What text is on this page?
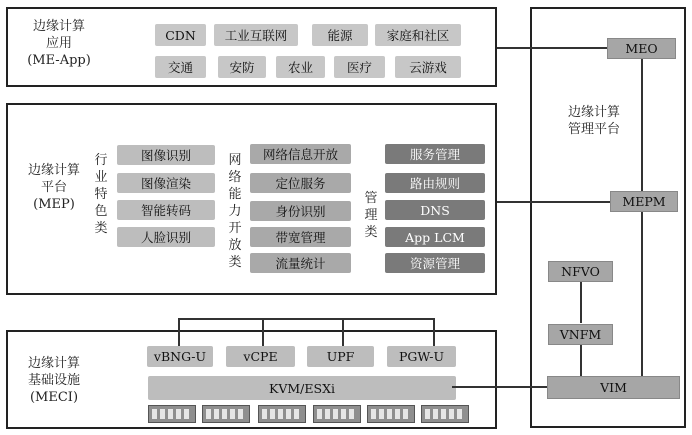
边缘计算
应用
(ME-App)
CDN	工业互联网	能源	家庭和社区
交通	安防	农业	医疗	云游戏
边缘计算
平台
(MEP)
行业特色类
图像识别
图像渲染
智能转码
人脸识别
网络能力开放类
网络信息开放
定位服务
身份识别
带宽管理
流量统计
管理类
服务管理
路由规则
DNS
App LCM
资源管理
边缘计算
基础设施
(MECI)
vBNG-U	vCPE	UPF	PGW-U
KVM/ESXi
边缘计算
管理平台
MEO
MEPM
NFVO
VNFM
VIM
